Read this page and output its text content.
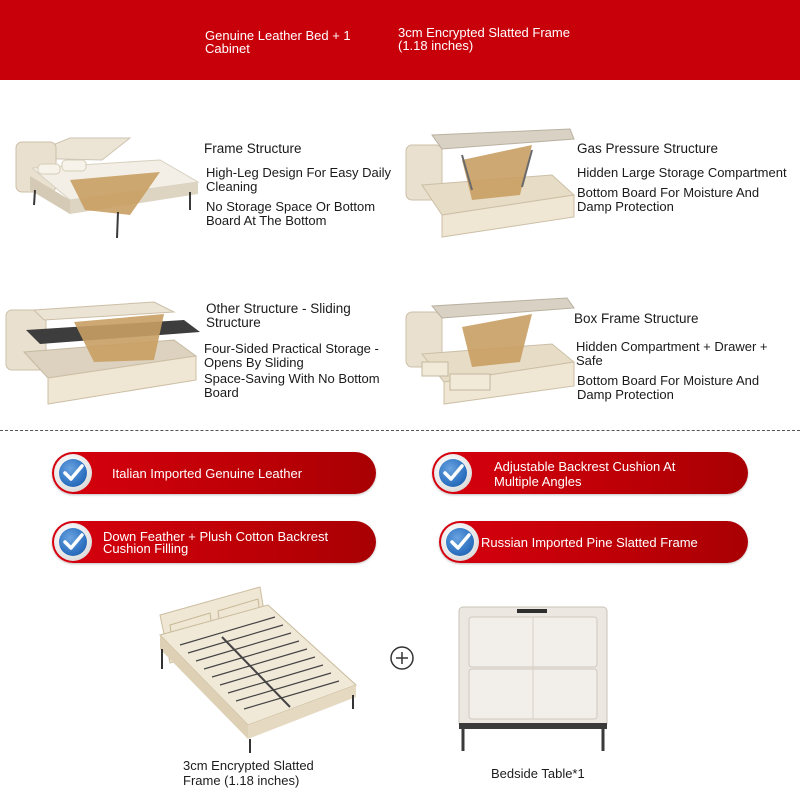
Genuine Leather Bed + 1 Cabinet
3cm Encrypted Slatted Frame (1.18 inches)
Frame Structure
High-Leg Design For Easy Daily Cleaning
No Storage Space Or Bottom Board At The Bottom
Gas Pressure Structure
Hidden Large Storage Compartment
Bottom Board For Moisture And Damp Protection
Other Structure - Sliding Structure
Four-Sided Practical Storage - Opens By Sliding
Space-Saving With No Bottom Board
Box Frame Structure
Hidden Compartment + Drawer + Safe
Bottom Board For Moisture And Damp Protection
Italian Imported Genuine Leather	Adjustable Backrest Cushion At Multiple Angles
Down Feather + Plush Cotton Backrest Cushion Filling	Russian Imported Pine Slatted Frame
3cm Encrypted Slatted Frame (1.18 inches)	Bedside Table*1
